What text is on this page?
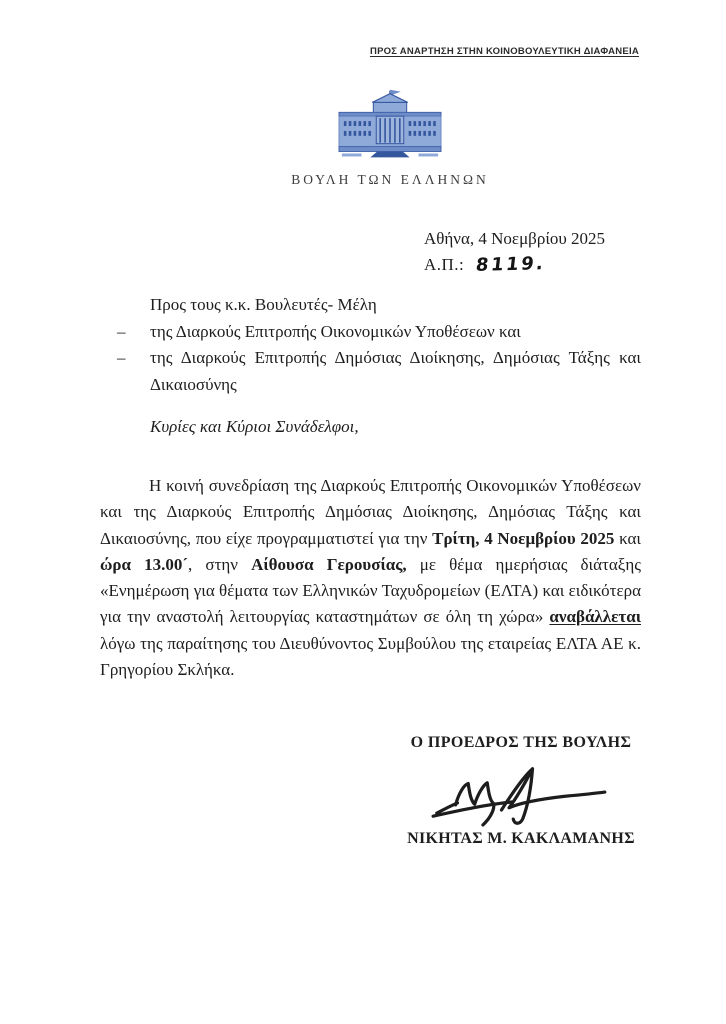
ΠΡΟΣ ΑΝΑΡΤΗΣΗ ΣΤΗΝ ΚΟΙΝΟΒΟΥΛΕΥΤΙΚΗ ΔΙΑΦΑΝΕΙΑ
ΒΟΥΛΗ ΤΩΝ ΕΛΛΗΝΩΝ
Αθήνα, 4 Νοεμβρίου 2025
Α.Π.: 8119.
Προς τους κ.κ. Βουλευτές- Μέλη
–	της Διαρκούς Επιτροπής Οικονομικών Υποθέσεων και
–	της Διαρκούς Επιτροπής Δημόσιας Διοίκησης, Δημόσιας Τάξης και Δικαιοσύνης
Κυρίες και Κύριοι Συνάδελφοι,

Η κοινή συνεδρίαση της Διαρκούς Επιτροπής Οικονομικών Υποθέσεων και της Διαρκούς Επιτροπής Δημόσιας Διοίκησης, Δημόσιας Τάξης και Δικαιοσύνης, που είχε προγραμματιστεί για την Τρίτη, 4 Νοεμβρίου 2025 και ώρα 13.00´, στην Αίθουσα Γερουσίας, με θέμα ημερήσιας διάταξης «Ενημέρωση για θέματα των Ελληνικών Ταχυδρομείων (ΕΛΤΑ) και ειδικότερα για την αναστολή λειτουργίας καταστημάτων σε όλη τη χώρα» αναβάλλεται λόγω της παραίτησης του Διευθύνοντος Συμβούλου της εταιρείας ΕΛΤΑ ΑΕ κ. Γρηγορίου Σκλήκα.

Ο ΠΡΟΕΔΡΟΣ ΤΗΣ ΒΟΥΛΗΣ
ΝΙΚΗΤΑΣ Μ. ΚΑΚΛΑΜΑΝΗΣ
